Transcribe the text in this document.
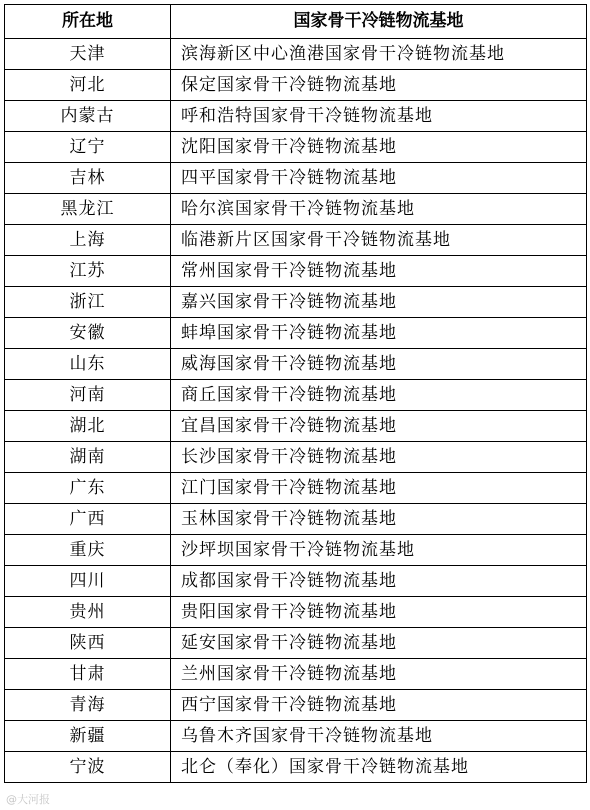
所在地	国家骨干冷链物流基地
天津	滨海新区中心渔港国家骨干冷链物流基地
河北	保定国家骨干冷链物流基地
内蒙古	呼和浩特国家骨干冷链物流基地
辽宁	沈阳国家骨干冷链物流基地
吉林	四平国家骨干冷链物流基地
黑龙江	哈尔滨国家骨干冷链物流基地
上海	临港新片区国家骨干冷链物流基地
江苏	常州国家骨干冷链物流基地
浙江	嘉兴国家骨干冷链物流基地
安徽	蚌埠国家骨干冷链物流基地
山东	威海国家骨干冷链物流基地
河南	商丘国家骨干冷链物流基地
湖北	宜昌国家骨干冷链物流基地
湖南	长沙国家骨干冷链物流基地
广东	江门国家骨干冷链物流基地
广西	玉林国家骨干冷链物流基地
重庆	沙坪坝国家骨干冷链物流基地
四川	成都国家骨干冷链物流基地
贵州	贵阳国家骨干冷链物流基地
陕西	延安国家骨干冷链物流基地
甘肃	兰州国家骨干冷链物流基地
青海	西宁国家骨干冷链物流基地
新疆	乌鲁木齐国家骨干冷链物流基地
宁波	北仑（奉化）国家骨干冷链物流基地
@大河报
